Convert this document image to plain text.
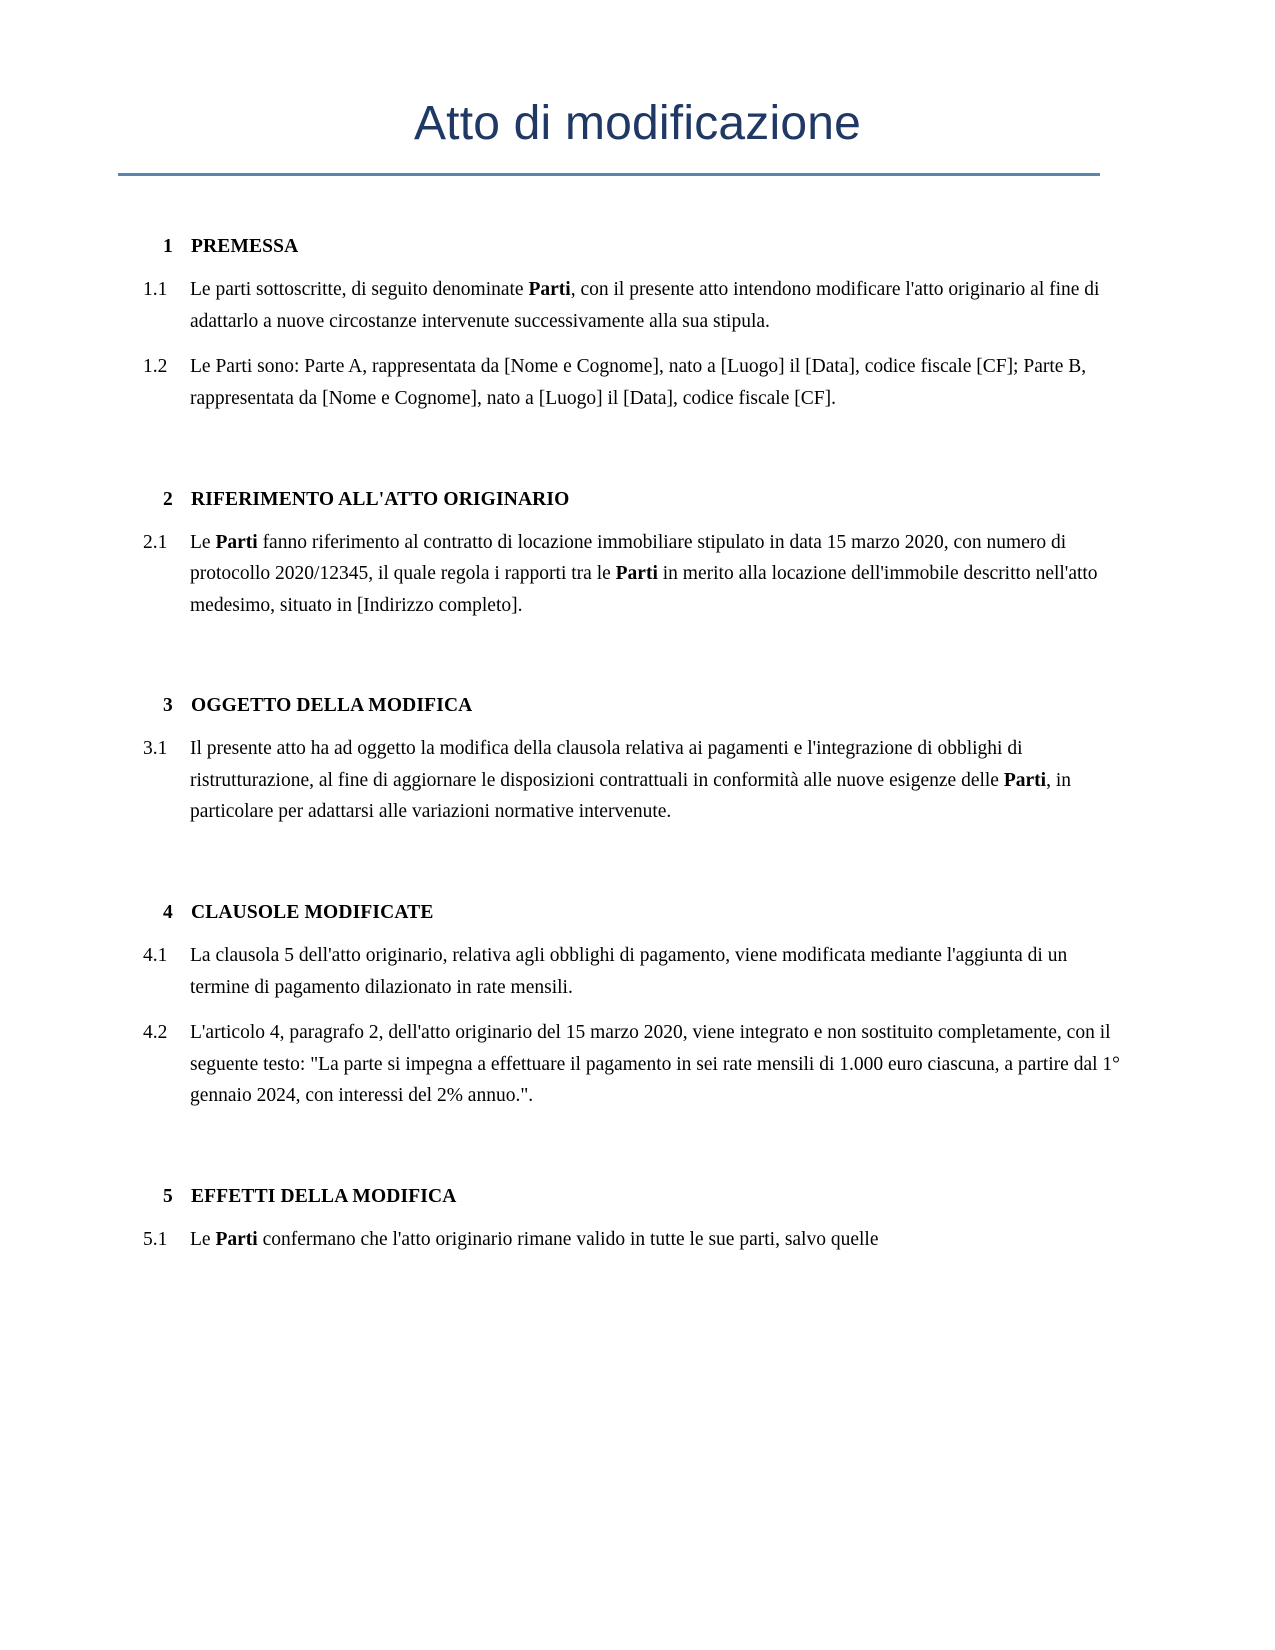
Atto di modificazione
1 PREMESSA
1.1	Le parti sottoscritte, di seguito denominate Parti, con il presente atto intendono modificare l'atto originario al fine di adattarlo a nuove circostanze intervenute successivamente alla sua stipula.
1.2	Le Parti sono: Parte A, rappresentata da [Nome e Cognome], nato a [Luogo] il [Data], codice fiscale [CF]; Parte B, rappresentata da [Nome e Cognome], nato a [Luogo] il [Data], codice fiscale [CF].
2 RIFERIMENTO ALL'ATTO ORIGINARIO
2.1	Le Parti fanno riferimento al contratto di locazione immobiliare stipulato in data 15 marzo 2020, con numero di protocollo 2020/12345, il quale regola i rapporti tra le Parti in merito alla locazione dell'immobile descritto nell'atto medesimo, situato in [Indirizzo completo].
3 OGGETTO DELLA MODIFICA
3.1	Il presente atto ha ad oggetto la modifica della clausola relativa ai pagamenti e l'integrazione di obblighi di ristrutturazione, al fine di aggiornare le disposizioni contrattuali in conformità alle nuove esigenze delle Parti, in particolare per adattarsi alle variazioni normative intervenute.
4 CLAUSOLE MODIFICATE
4.1	La clausola 5 dell'atto originario, relativa agli obblighi di pagamento, viene modificata mediante l'aggiunta di un termine di pagamento dilazionato in rate mensili.
4.2	L'articolo 4, paragrafo 2, dell'atto originario del 15 marzo 2020, viene integrato e non sostituito completamente, con il seguente testo: "La parte si impegna a effettuare il pagamento in sei rate mensili di 1.000 euro ciascuna, a partire dal 1° gennaio 2024, con interessi del 2% annuo.".
5 EFFETTI DELLA MODIFICA
5.1	Le Parti confermano che l'atto originario rimane valido in tutte le sue parti, salvo quelle
